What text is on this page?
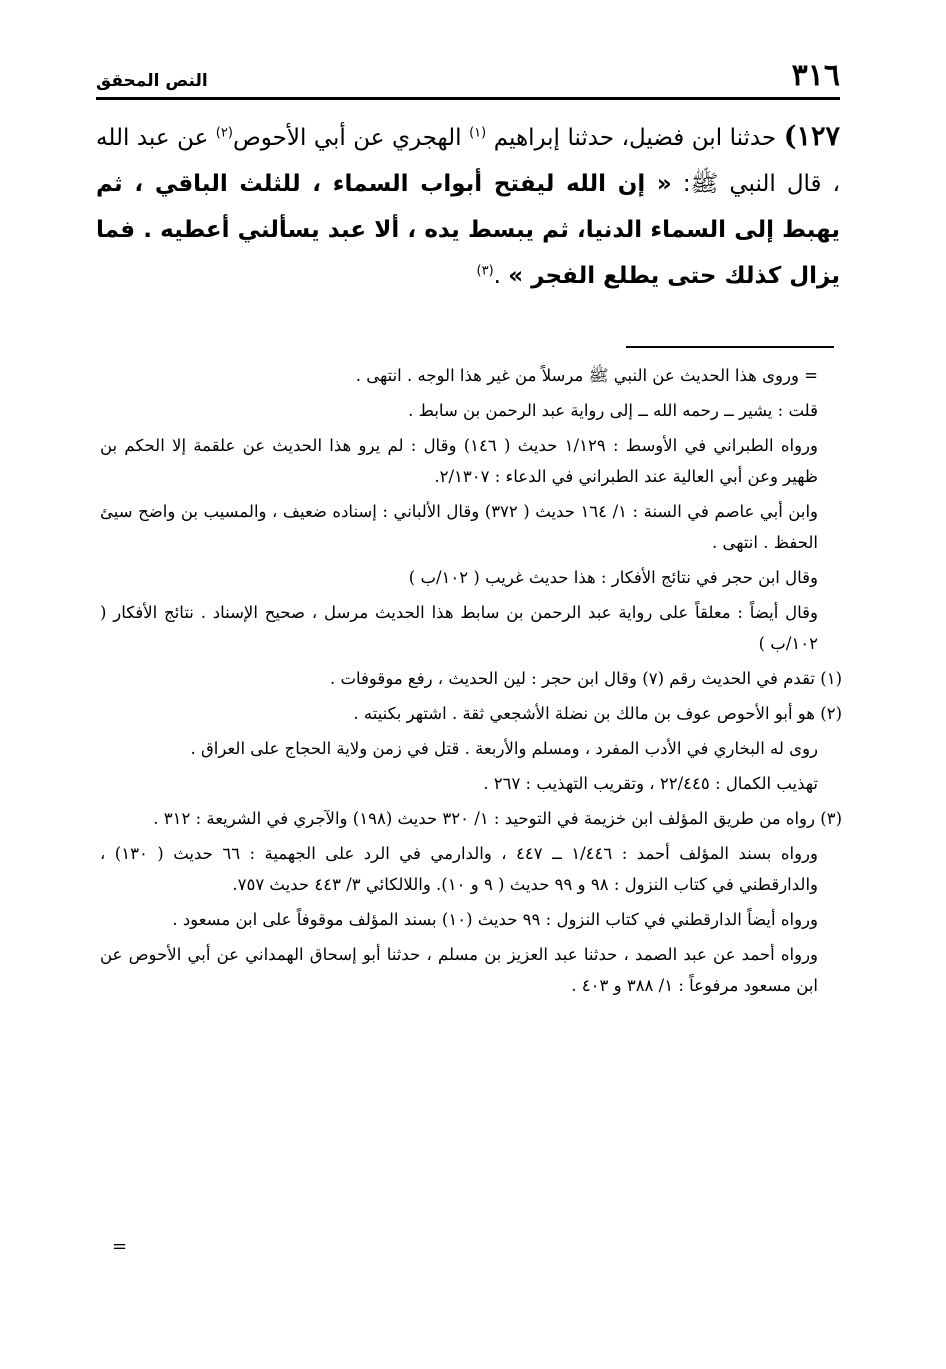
٣١٦
النص المحقق

١٢٧) حدثنا ابن فضيل، حدثنا إبراهيم $^{(١)}$ الهجري عن أبي الأحوص$^{(٢)}$ عن عبد الله ، قال النبي ﷺ: « إن الله ليفتح أبواب السماء ، للثلث الباقي ، ثم يهبط إلى السماء الدنيا، ثم يبسط يده ، ألا عبد يسألني أعطيه . فما يزال كذلك حتى يطلع الفجر » .$^{(٣)}$

= وروى هذا الحديث عن النبي ﷺ مرسلاً من غير هذا الوجه . انتهى .

قلت : يشير ــ رحمه الله ــ إلى رواية عبد الرحمن بن سابط .

ورواه الطبراني في الأوسط : ١/١٢٩ حديث ( ١٤٦) وقال : لم يرو هذا الحديث عن علقمة إلا الحكم بن ظهير وعن أبي العالية عند الطبراني في الدعاء : ٢/١٣٠٧.

وابن أبي عاصم في السنة : ١/ ١٦٤ حديث ( ٣٧٢) وقال الألباني : إسناده ضعيف ، والمسيب بن واضح سيئ الحفظ . انتهى .

وقال ابن حجر في نتائج الأفكار : هذا حديث غريب ( ١٠٢/ب )

وقال أيضاً : معلقاً على رواية عبد الرحمن بن سابط هذا الحديث مرسل ، صحيح الإسناد . نتائج الأفكار ( ١٠٢/ب )

(١) تقدم في الحديث رقم (٧) وقال ابن حجر : لين الحديث ، رفع موقوفات .

(٢) هو أبو الأحوص عوف بن مالك بن نضلة الأشجعي ثقة . اشتهر بكنيته .

روى له البخاري في الأدب المفرد ، ومسلم والأربعة . قتل في زمن ولاية الحجاج على العراق .

تهذيب الكمال : ٢٢/٤٤٥ ، وتقريب التهذيب : ٢٦٧ .

(٣) رواه من طريق المؤلف ابن خزيمة في التوحيد : ١/ ٣٢٠ حديث (١٩٨) والآجري في الشريعة : ٣١٢ .

ورواه بسند المؤلف أحمد : ١/٤٤٦ ــ ٤٤٧ ، والدارمي في الرد على الجهمية : ٦٦ حديث ( ١٣٠) ، والدارقطني في كتاب النزول : ٩٨ و ٩٩ حديث ( ٩ و ١٠). واللالكائي ٣/ ٤٤٣ حديث ٧٥٧.

ورواه أيضاً الدارقطني في كتاب النزول : ٩٩ حديث (١٠) بسند المؤلف موقوفاً على ابن مسعود .

ورواه أحمد عن عبد الصمد ، حدثنا عبد العزيز بن مسلم ، حدثنا أبو إسحاق الهمداني عن أبي الأحوص عن ابن مسعود مرفوعاً : ١/ ٣٨٨ و ٤٠٣ .

=
